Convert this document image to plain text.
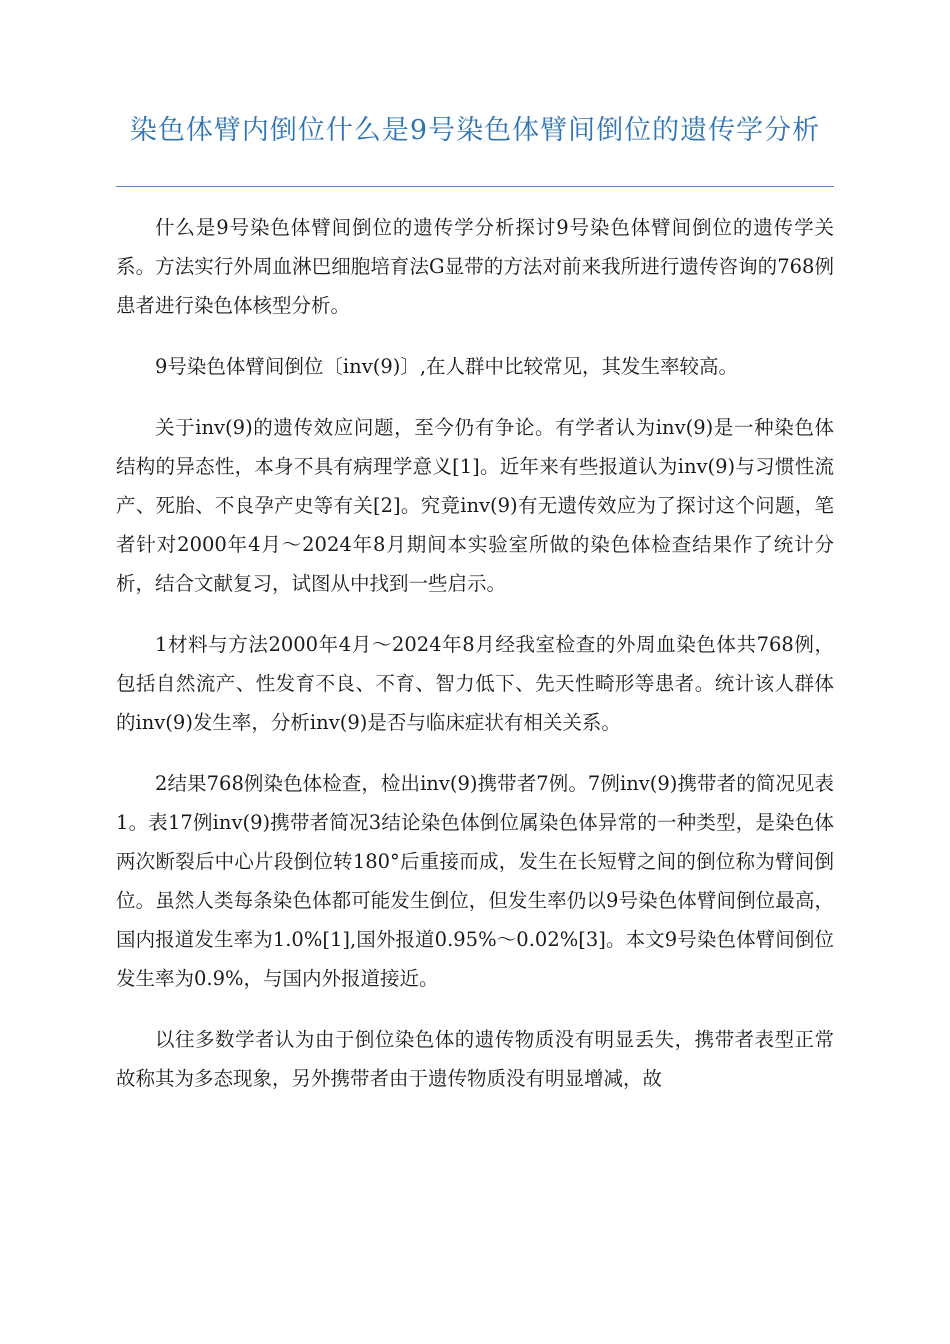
染色体臂内倒位什么是9号染色体臂间倒位的遗传学分析

什么是9号染色体臂间倒位的遗传学分析探讨9号染色体臂间倒位的遗传学关系。方法实行外周血淋巴细胞培育法G显带的方法对前来我所进行遗传咨询的768例患者进行染色体核型分析。

9号染色体臂间倒位〔inv(9)〕,在人群中比较常见，其发生率较高。

关于inv(9)的遗传效应问题，至今仍有争论。有学者认为inv(9)是一种染色体结构的异态性，本身不具有病理学意义[1]。近年来有些报道认为inv(9)与习惯性流产、死胎、不良孕产史等有关[2]。究竟inv(9)有无遗传效应为了探讨这个问题，笔者针对2000年4月～2024年8月期间本实验室所做的染色体检查结果作了统计分析，结合文献复习，试图从中找到一些启示。

1材料与方法2000年4月～2024年8月经我室检查的外周血染色体共768例，包括自然流产、性发育不良、不育、智力低下、先天性畸形等患者。统计该人群体的inv(9)发生率，分析inv(9)是否与临床症状有相关关系。

2结果768例染色体检查，检出inv(9)携带者7例。7例inv(9)携带者的简况见表1。表17例inv(9)携带者简况3结论染色体倒位属染色体异常的一种类型，是染色体两次断裂后中心片段倒位转180°后重接而成，发生在长短臂之间的倒位称为臂间倒位。虽然人类每条染色体都可能发生倒位，但发生率仍以9号染色体臂间倒位最高，国内报道发生率为1.0%[1],国外报道0.95%～0.02%[3]。本文9号染色体臂间倒位发生率为0.9%，与国内外报道接近。

以往多数学者认为由于倒位染色体的遗传物质没有明显丢失，携带者表型正常故称其为多态现象，另外携带者由于遗传物质没有明显增减，故
